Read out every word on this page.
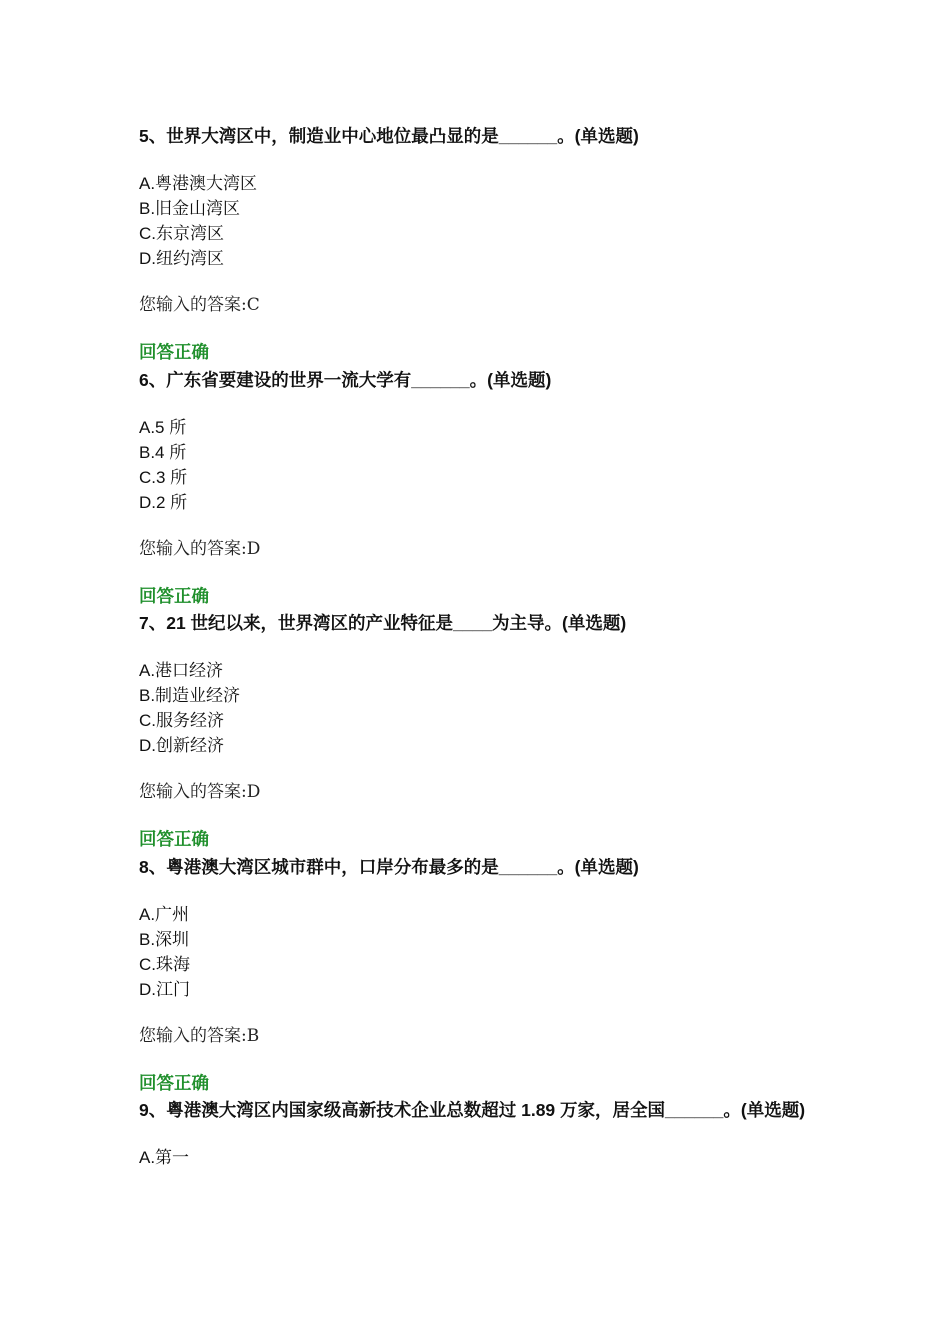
5、世界大湾区中，制造业中心地位最凸显的是______。(单选题)

A.粤港澳大湾区
B.旧金山湾区
C.东京湾区
D.纽约湾区
您输入的答案:C
回答正确

6、广东省要建设的世界一流大学有______。(单选题)

A.5 所
B.4 所
C.3 所
D.2 所
您输入的答案:D
回答正确

7、21 世纪以来，世界湾区的产业特征是____为主导。(单选题)

A.港口经济
B.制造业经济
C.服务经济
D.创新经济
您输入的答案:D
回答正确

8、粤港澳大湾区城市群中，口岸分布最多的是______。(单选题)

A.广州
B.深圳
C.珠海
D.江门
您输入的答案:B
回答正确

9、粤港澳大湾区内国家级高新技术企业总数超过 1.89 万家，居全国______。(单选题)

A.第一
